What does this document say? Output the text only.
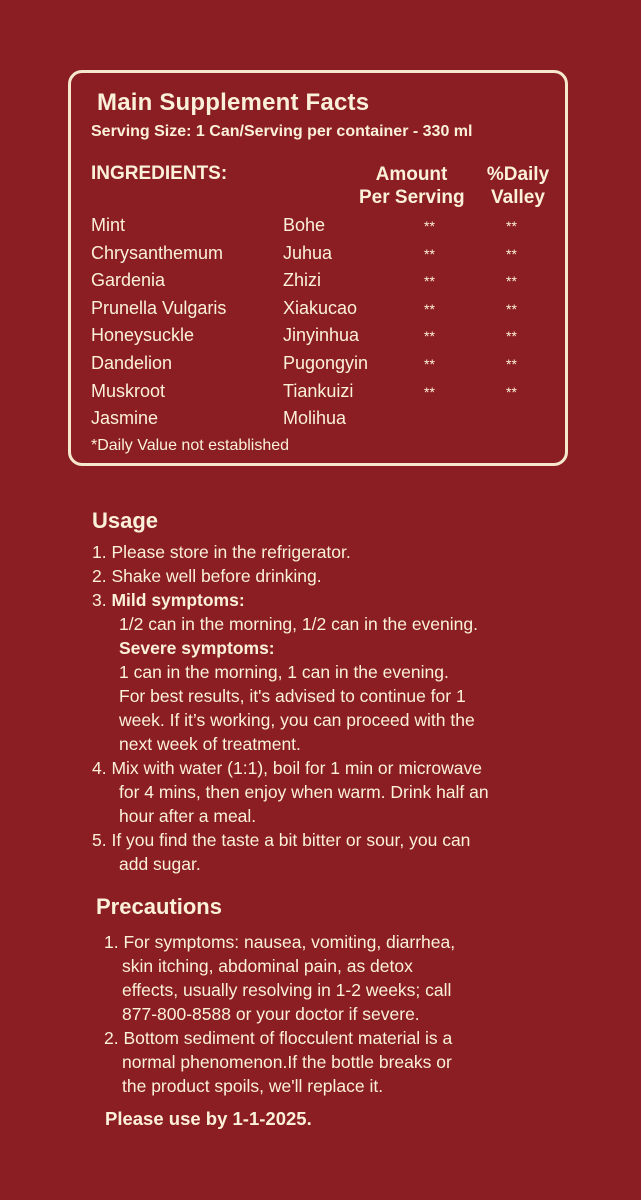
Main Supplement Facts
Serving Size: 1 Can/Serving per container - 330 ml
INGREDIENTS:	Amount
Per Serving
%Daily
Valley
Mint	Bohe	**	**
Chrysanthemum	Juhua	**	**
Gardenia	Zhizi	**	**
Prunella Vulgaris	Xiakucao	**	**
Honeysuckle	Jinyinhua	**	**
Dandelion	Pugongyin	**	**
Muskroot	Tiankuizi	**	**
Jasmine	Molihua
*Daily Value not established
Usage
1. Please store in the refrigerator.
2. Shake well before drinking.
3. Mild symptoms:
1/2 can in the morning, 1/2 can in the evening.
Severe symptoms:
1 can in the morning, 1 can in the evening.
For best results, it's advised to continue for 1
week. If it’s working, you can proceed with the
next week of treatment.
4. Mix with water (1:1), boil for 1 min or microwave
for 4 mins, then enjoy when warm. Drink half an
hour after a meal.
5. If you find the taste a bit bitter or sour, you can
add sugar.
Precautions
1. For symptoms: nausea, vomiting, diarrhea,
skin itching, abdominal pain, as detox
effects, usually resolving in 1-2 weeks; call
877-800-8588 or your doctor if severe.
2. Bottom sediment of flocculent material is a
normal phenomenon.If the bottle breaks or
the product spoils, we'll replace it.
Please use by 1-1-2025.
